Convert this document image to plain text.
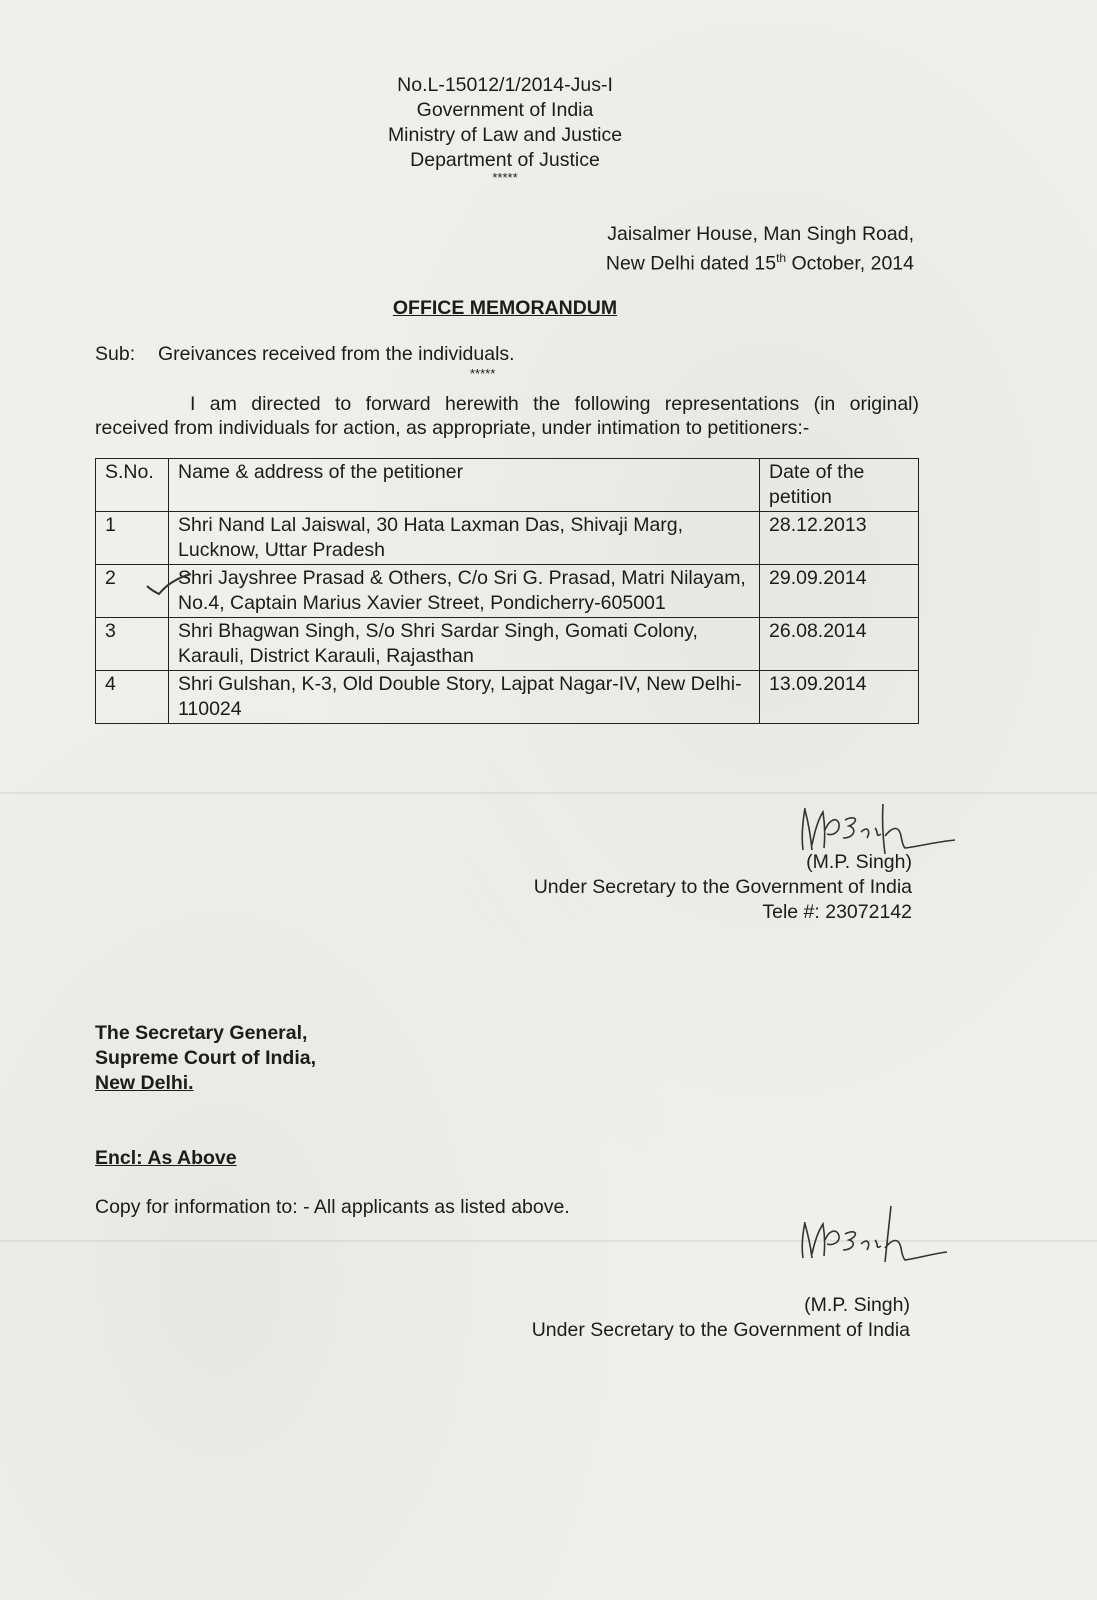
No.L-15012/1/2014-Jus-I
Government of India
Ministry of Law and Justice
Department of Justice
*****
Jaisalmer House, Man Singh Road,
New Delhi dated 15th October, 2014
OFFICE MEMORANDUM
Sub: Greivances received from the individuals.
*****
I am directed to forward herewith the following representations (in original)
received from individuals for action, as appropriate, under intimation to petitioners:-
S.No.	Name & address of the petitioner	Date of the petition
1	Shri Nand Lal Jaiswal, 30 Hata Laxman Das, Shivaji Marg, Lucknow, Uttar Pradesh	28.12.2013
2	Shri Jayshree Prasad & Others, C/o Sri G. Prasad, Matri Nilayam, No.4, Captain Marius Xavier Street, Pondicherry-605001	29.09.2014
3	Shri Bhagwan Singh, S/o Shri Sardar Singh, Gomati Colony, Karauli, District Karauli, Rajasthan	26.08.2014
4	Shri Gulshan, K-3, Old Double Story, Lajpat Nagar-IV, New Delhi-110024	13.09.2014
(M.P. Singh)
Under Secretary to the Government of India
Tele #: 23072142
The Secretary General,
Supreme Court of India,
New Delhi.
Encl: As Above
Copy for information to: - All applicants as listed above.
(M.P. Singh)
Under Secretary to the Government of India
